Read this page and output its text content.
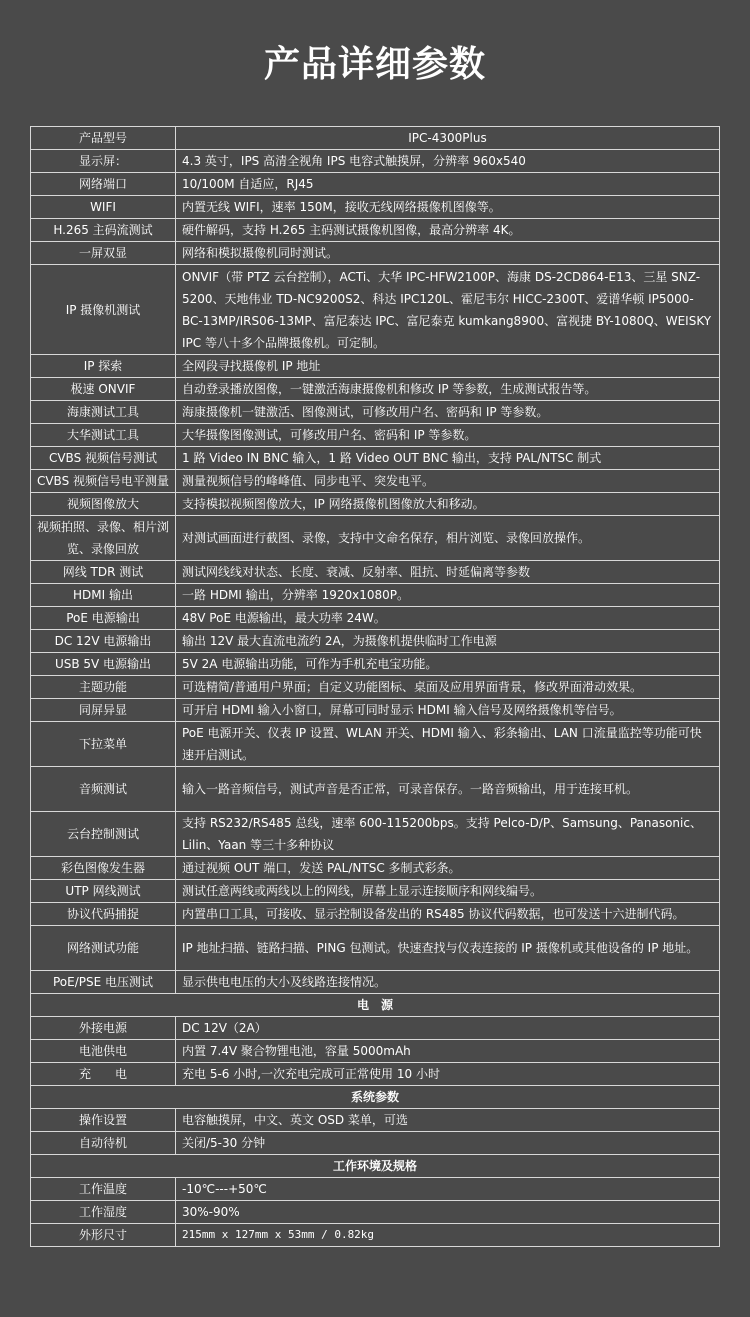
产品详细参数
产品型号	IPC-4300Plus
显示屏：	4.3 英寸，IPS 高清全视角 IPS 电容式触摸屏，分辨率 960x540
网络端口	10/100M 自适应，RJ45
WIFI	内置无线 WIFI，速率 150M，接收无线网络摄像机图像等。
H.265 主码流测试	硬件解码，支持 H.265 主码测试摄像机图像，最高分辨率 4K。
一屏双显	网络和模拟摄像机同时测试。
IP 摄像机测试	ONVIF（带 PTZ 云台控制），ACTi、大华 IPC-HFW2100P、海康 DS-2CD864-E13、三星 SNZ-5200、天地伟业 TD-NC9200S2、科达 IPC120L、霍尼韦尔 HICC-2300T、爱谱华顿 IP5000-BC-13MP/IRS06-13MP、富尼泰达 IPC、富尼泰克 kumkang8900、富视捷 BY-1080Q、WEISKY IPC 等八十多个品牌摄像机。可定制。
IP 探索	全网段寻找摄像机 IP 地址
极速 ONVIF	自动登录播放图像，一键激活海康摄像机和修改 IP 等参数，生成测试报告等。
海康测试工具	海康摄像机一键激活、图像测试，可修改用户名、密码和 IP 等参数。
大华测试工具	大华摄像图像测试，可修改用户名、密码和 IP 等参数。
CVBS 视频信号测试	1 路 Video IN BNC 输入，1 路 Video OUT BNC 输出，支持 PAL/NTSC 制式
CVBS 视频信号电平测量	测量视频信号的峰峰值、同步电平、突发电平。
视频图像放大	支持模拟视频图像放大，IP 网络摄像机图像放大和移动。
视频拍照、录像、相片浏览、录像回放	对测试画面进行截图、录像，支持中文命名保存，相片浏览、录像回放操作。
网线 TDR 测试	测试网线线对状态、长度、衰减、反射率、阻抗、时延偏离等参数
HDMI 输出	一路 HDMI 输出，分辨率 1920x1080P。
PoE 电源输出	48V PoE 电源输出，最大功率 24W。
DC 12V 电源输出	输出 12V 最大直流电流约 2A，为摄像机提供临时工作电源
USB 5V 电源输出	5V 2A 电源输出功能，可作为手机充电宝功能。
主题功能	可选精简/普通用户界面；自定义功能图标、桌面及应用界面背景，修改界面滑动效果。
同屏异显	可开启 HDMI 输入小窗口，屏幕可同时显示 HDMI 输入信号及网络摄像机等信号。
下拉菜单	PoE 电源开关、仪表 IP 设置、WLAN 开关、HDMI 输入、彩条输出、LAN 口流量监控等功能可快速开启测试。
音频测试	输入一路音频信号，测试声音是否正常，可录音保存。一路音频输出，用于连接耳机。
云台控制测试	支持 RS232/RS485 总线，速率 600-115200bps。支持 Pelco-D/P、Samsung、Panasonic、Lilin、Yaan 等三十多种协议
彩色图像发生器	通过视频 OUT 端口，发送 PAL/NTSC 多制式彩条。
UTP 网线测试	测试任意两线或两线以上的网线，屏幕上显示连接顺序和网线编号。
协议代码捕捉	内置串口工具，可接收、显示控制设备发出的 RS485 协议代码数据，也可发送十六进制代码。
网络测试功能	IP 地址扫描、链路扫描、PING 包测试。快速查找与仪表连接的 IP 摄像机或其他设备的 IP 地址。
PoE/PSE 电压测试	显示供电电压的大小及线路连接情况。
电　源	
外接电源	DC 12V（2A）
电池供电	内置 7.4V 聚合物锂电池，容量 5000mAh
充　　电	充电 5-6 小时,一次充电完成可正常使用 10 小时
系统参数	
操作设置	电容触摸屏，中文、英文 OSD 菜单，可选
自动待机	关闭/5-30 分钟
工作环境及规格	
工作温度	-10℃---+50℃
工作湿度	30%-90%
外形尺寸	215mm x 127mm x 53mm / 0.82kg
